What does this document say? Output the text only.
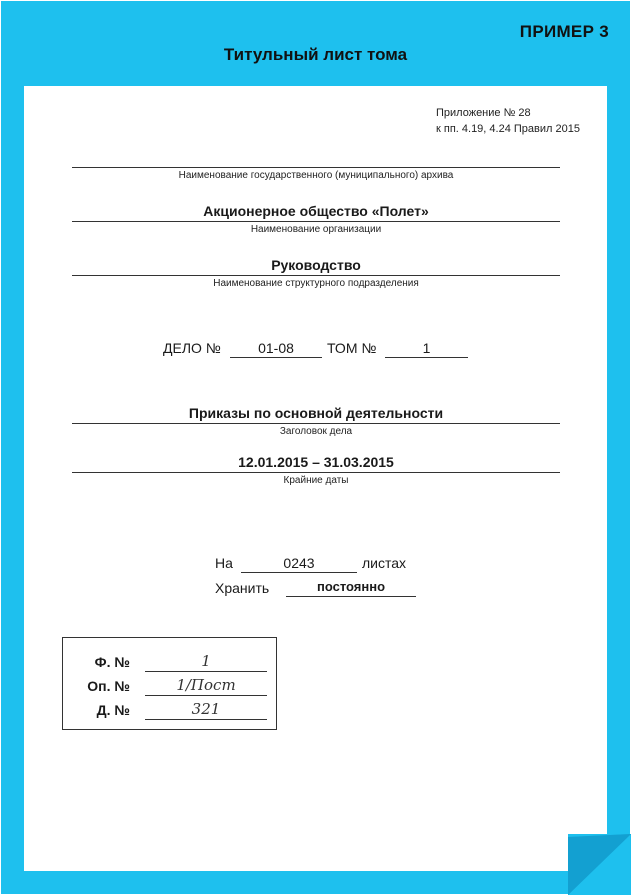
ПРИМЕР 3
Титульный лист тома
Приложение № 28
к пп. 4.19, 4.24 Правил 2015
Наименование государственного (муниципального) архива
Акционерное общество «Полет»
Наименование организации
Руководство
Наименование структурного подразделения
ДЕЛО №	01-08	ТОМ №	1
Приказы по основной деятельности
Заголовок дела
12.01.2015 – 31.03.2015
Крайние даты
На	0243	листах
Хранить	постоянно
Ф. №	1
Оп. №	1/Пост
Д. №	321
